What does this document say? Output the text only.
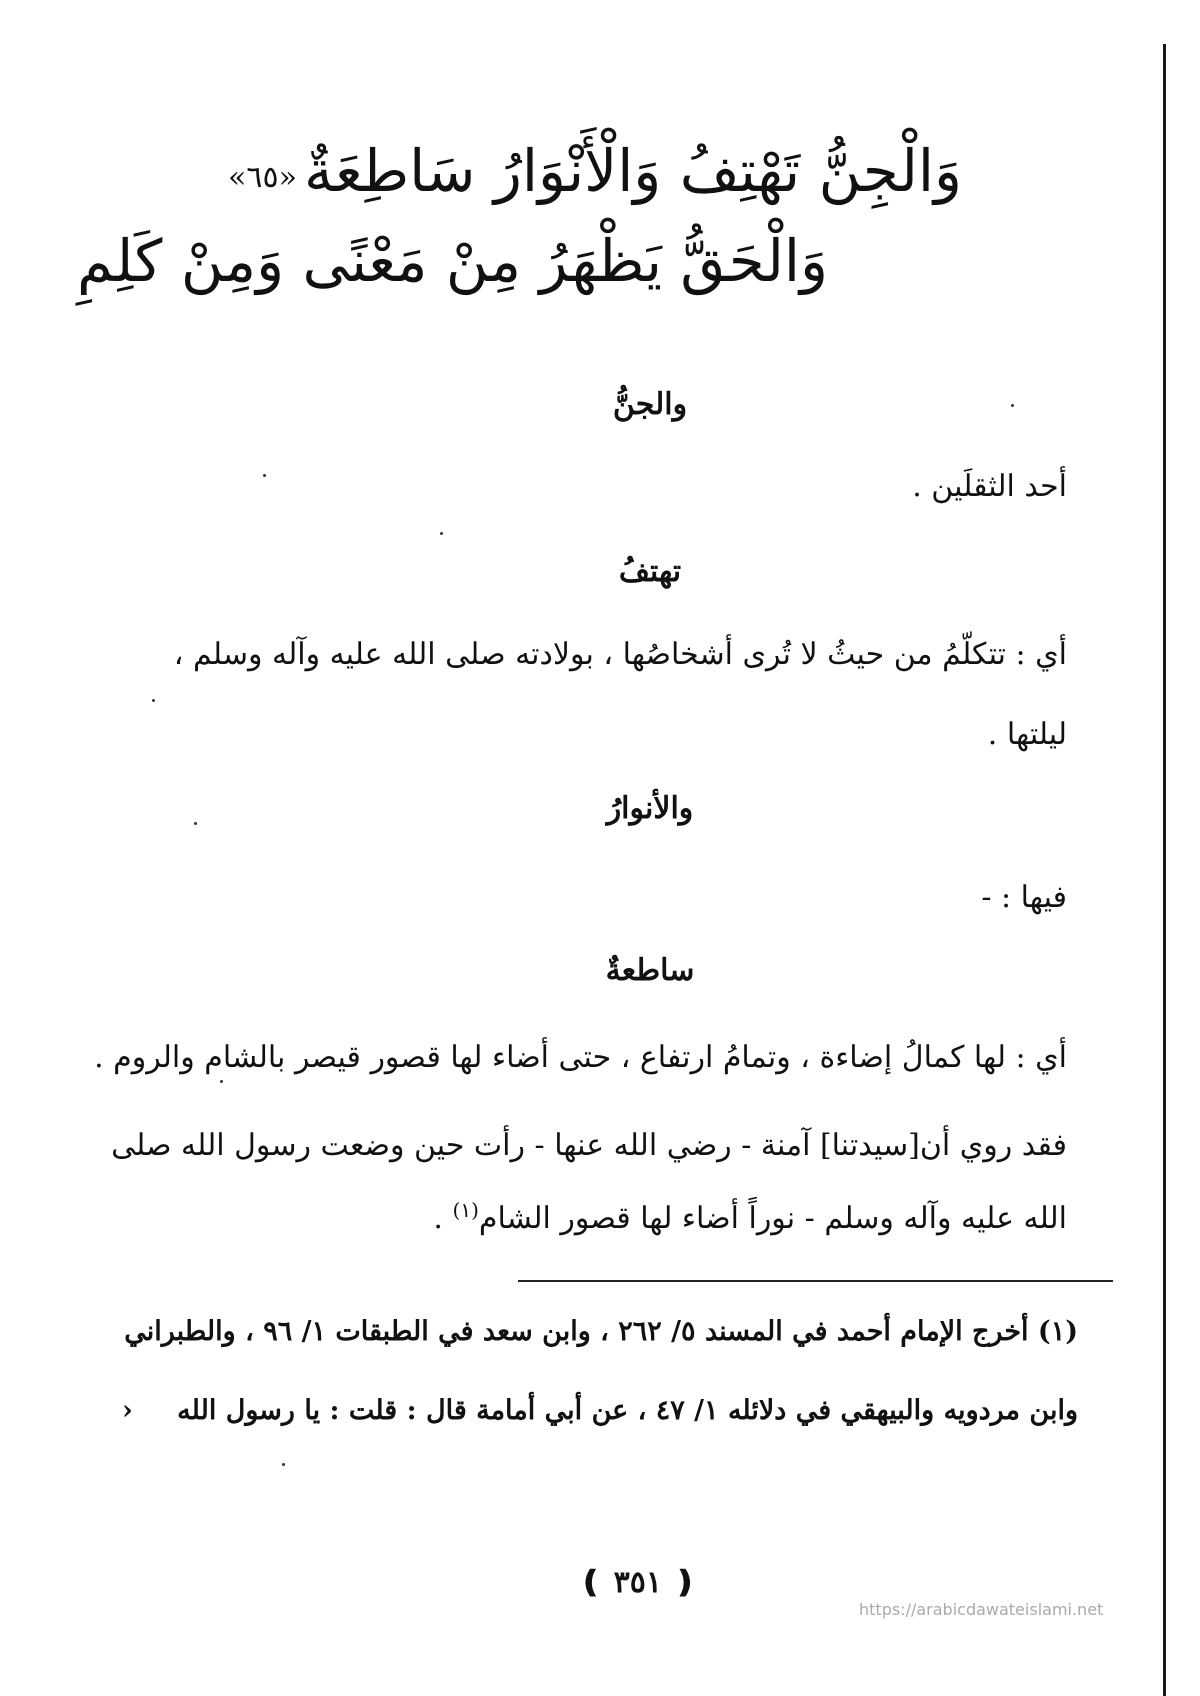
«٦٥» وَالْجِنُّ تَهْتِفُ وَالْأَنْوَارُ سَاطِعَةٌ
وَالْحَقُّ يَظْهَرُ مِنْ مَعْنًى وَمِنْ كَلِمِ
والجنُّ
أحد الثقلَين .
تهتفُ
أي : تتكلّمُ من حيثُ لا تُرى أشخاصُها ، بولادته صلى الله عليه وآله وسلم ،
ليلتها .
والأنوارُ
فيها : -
ساطعةٌ
أي : لها كمالُ إضاءة ، وتمامُ ارتفاع ، حتى أضاء لها قصور قيصر بالشام والروم .
فقد روي أن[سيدتنا] آمنة - رضي الله عنها - رأت حين وضعت رسول الله صلى
الله عليه وآله وسلم - نوراً أضاء لها قصور الشام$^{(١)}$ .
(١) أخرج الإمام أحمد في المسند ٥/ ٢٦٢ ، وابن سعد في الطبقات ١/ ٩٦ ، والطبراني
وابن مردويه والبيهقي في دلائله ١/ ٤٧ ، عن أبي أمامة قال : قلت : يا رسول الله
›
❪ ٣٥١ ❫
https://arabicdawateislami.net
